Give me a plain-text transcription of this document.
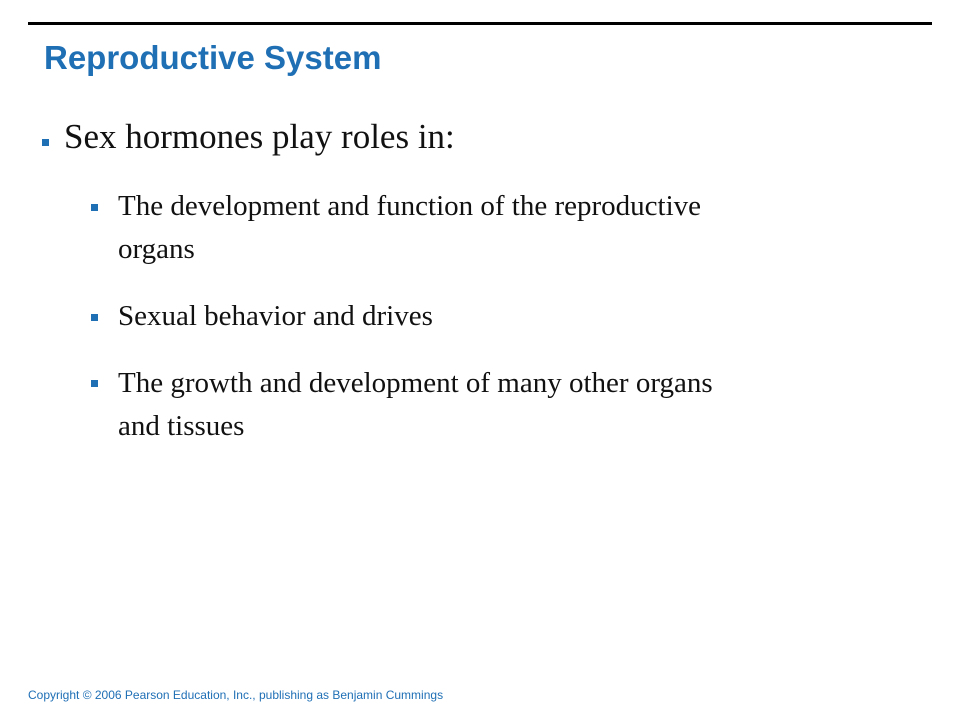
Reproductive System
Sex hormones play roles in:
The development and function of the reproductive
organs
Sexual behavior and drives
The growth and development of many other organs
and tissues
Copyright © 2006 Pearson Education, Inc., publishing as Benjamin Cummings
